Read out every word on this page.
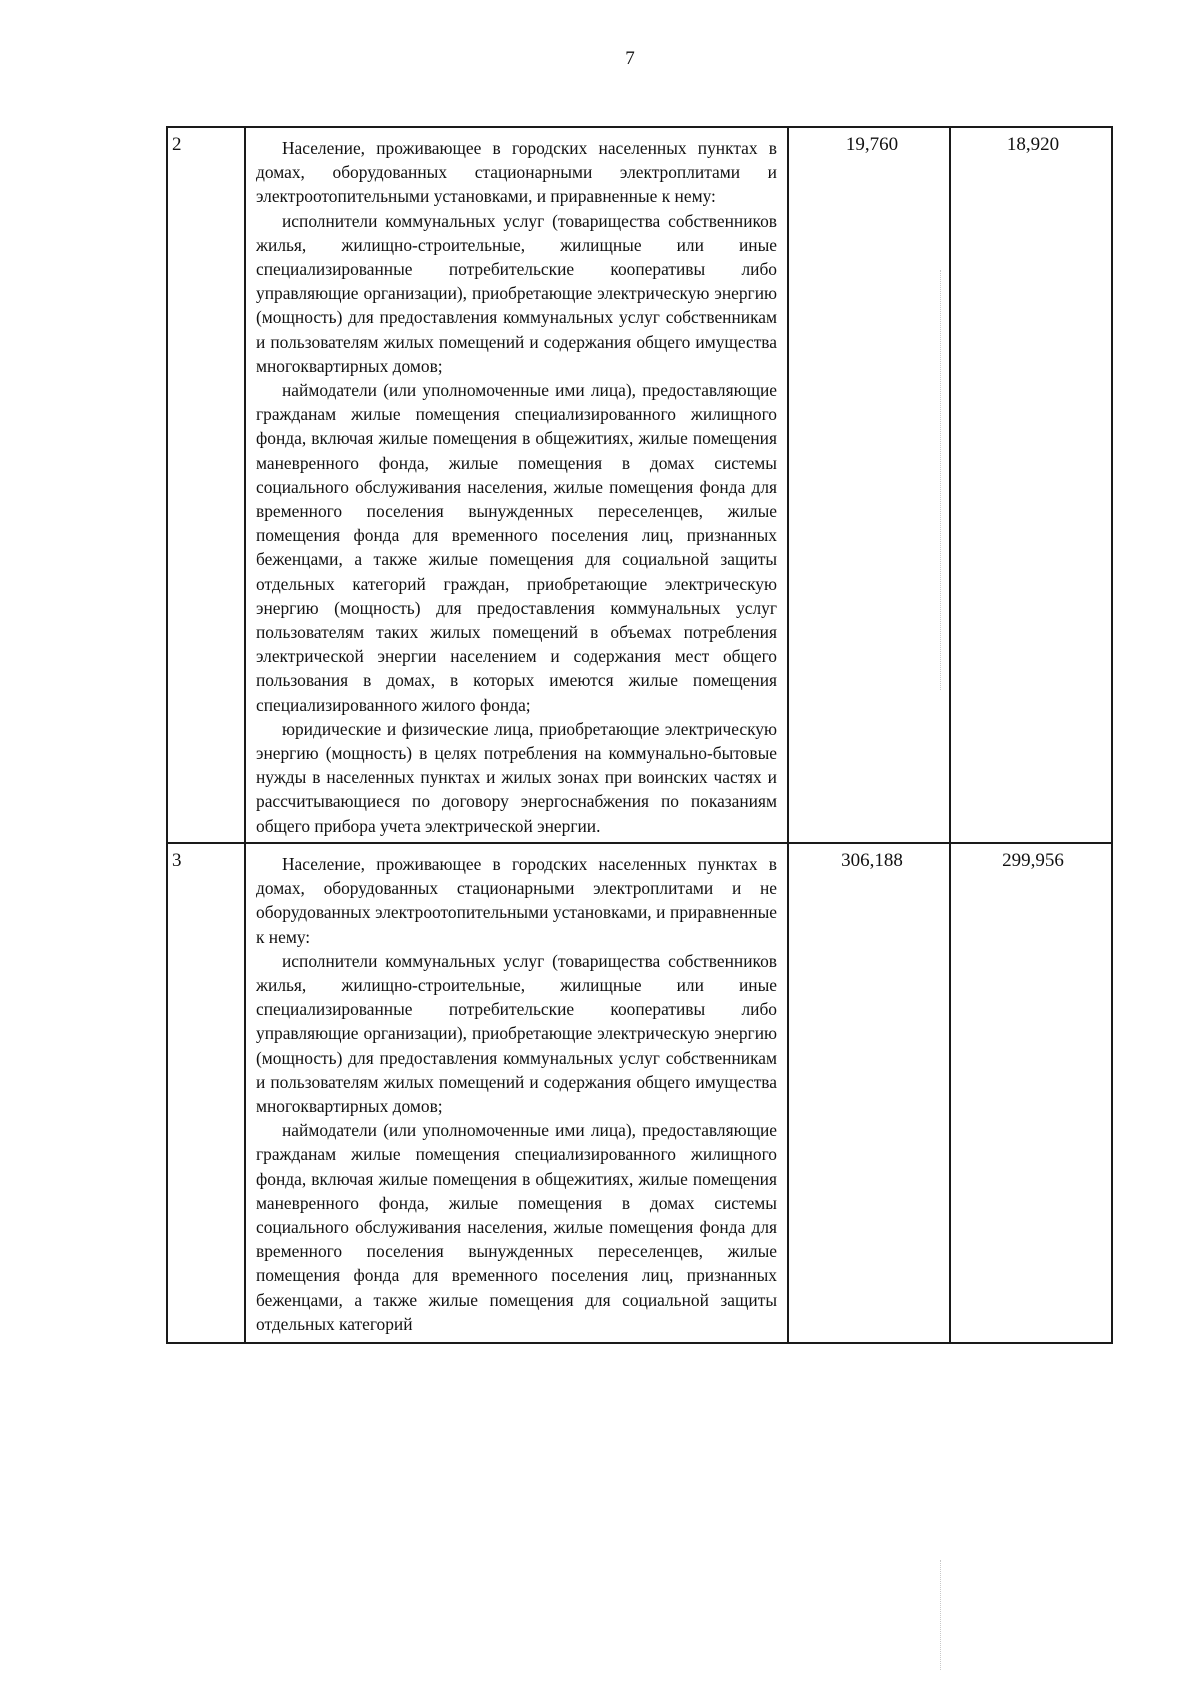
7
2	Население, проживающее в городских населенных пунктах в домах, оборудованных стационарными электроплитами и электроотопительными установками, и приравненные к нему:

исполнители коммунальных услуг (товарищества собственников жилья, жилищно-строительные, жилищные или иные специализированные потребительские кооперативы либо управляющие организации), приобретающие электрическую энергию (мощность) для предоставления коммунальных услуг собственникам и пользователям жилых помещений и содержания общего имущества многоквартирных домов;

наймодатели (или уполномоченные ими лица), предоставляющие гражданам жилые помещения специализированного жилищного фонда, включая жилые помещения в общежитиях, жилые помещения маневренного фонда, жилые помещения в домах системы социального обслуживания населения, жилые помещения фонда для временного поселения вынужденных переселенцев, жилые помещения фонда для временного поселения лиц, признанных беженцами, а также жилые помещения для социальной защиты отдельных категорий граждан, приобретающие электрическую энергию (мощность) для предоставления коммунальных услуг пользователям таких жилых помещений в объемах потребления электрической энергии населением и содержания мест общего пользования в домах, в которых имеются жилые помещения специализированного жилого фонда;

юридические и физические лица, приобретающие электрическую энергию (мощность) в целях потребления на коммунально-бытовые нужды в населенных пунктах и жилых зонах при воинских частях и рассчитывающиеся по договору энергоснабжения по показаниям общего прибора учета электрической энергии.	19,760	18,920
3	Население, проживающее в городских населенных пунктах в домах, оборудованных стационарными электроплитами и не оборудованных электроотопительными установками, и приравненные к нему:

исполнители коммунальных услуг (товарищества собственников жилья, жилищно-строительные, жилищные или иные специализированные потребительские кооперативы либо управляющие организации), приобретающие электрическую энергию (мощность) для предоставления коммунальных услуг собственникам и пользователям жилых помещений и содержания общего имущества многоквартирных домов;

наймодатели (или уполномоченные ими лица), предоставляющие гражданам жилые помещения специализированного жилищного фонда, включая жилые помещения в общежитиях, жилые помещения маневренного фонда, жилые помещения в домах системы социального обслуживания населения, жилые помещения фонда для временного поселения вынужденных переселенцев, жилые помещения фонда для временного поселения лиц, признанных беженцами, а также жилые помещения для социальной защиты отдельных категорий	306,188	299,956
